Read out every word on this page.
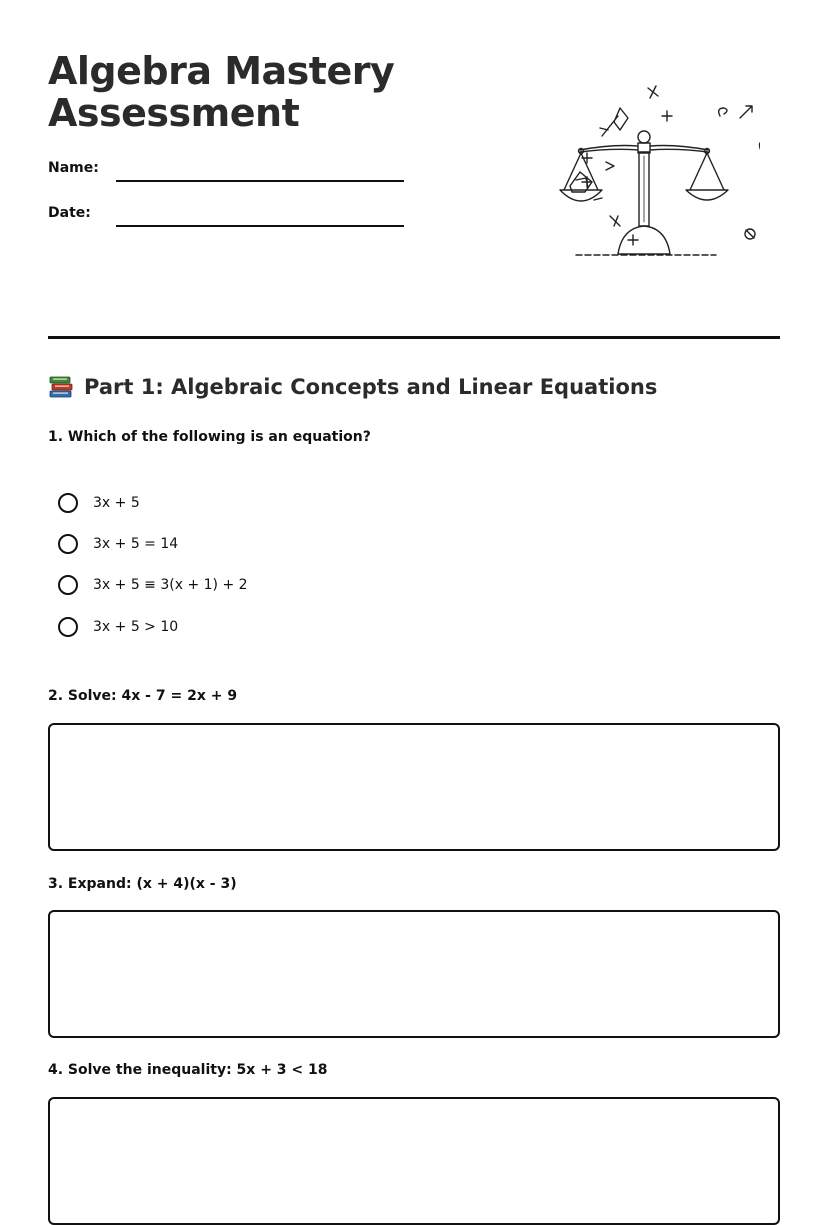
Algebra Mastery
Assessment
Name:
Date:
Part 1: Algebraic Concepts and Linear Equations
1. Which of the following is an equation?
3x + 5
3x + 5 = 14
3x + 5 ≡ 3(x + 1) + 2
3x + 5 > 10
2. Solve: 4x - 7 = 2x + 9
3. Expand: (x + 4)(x - 3)
4. Solve the inequality: 5x + 3 < 18
